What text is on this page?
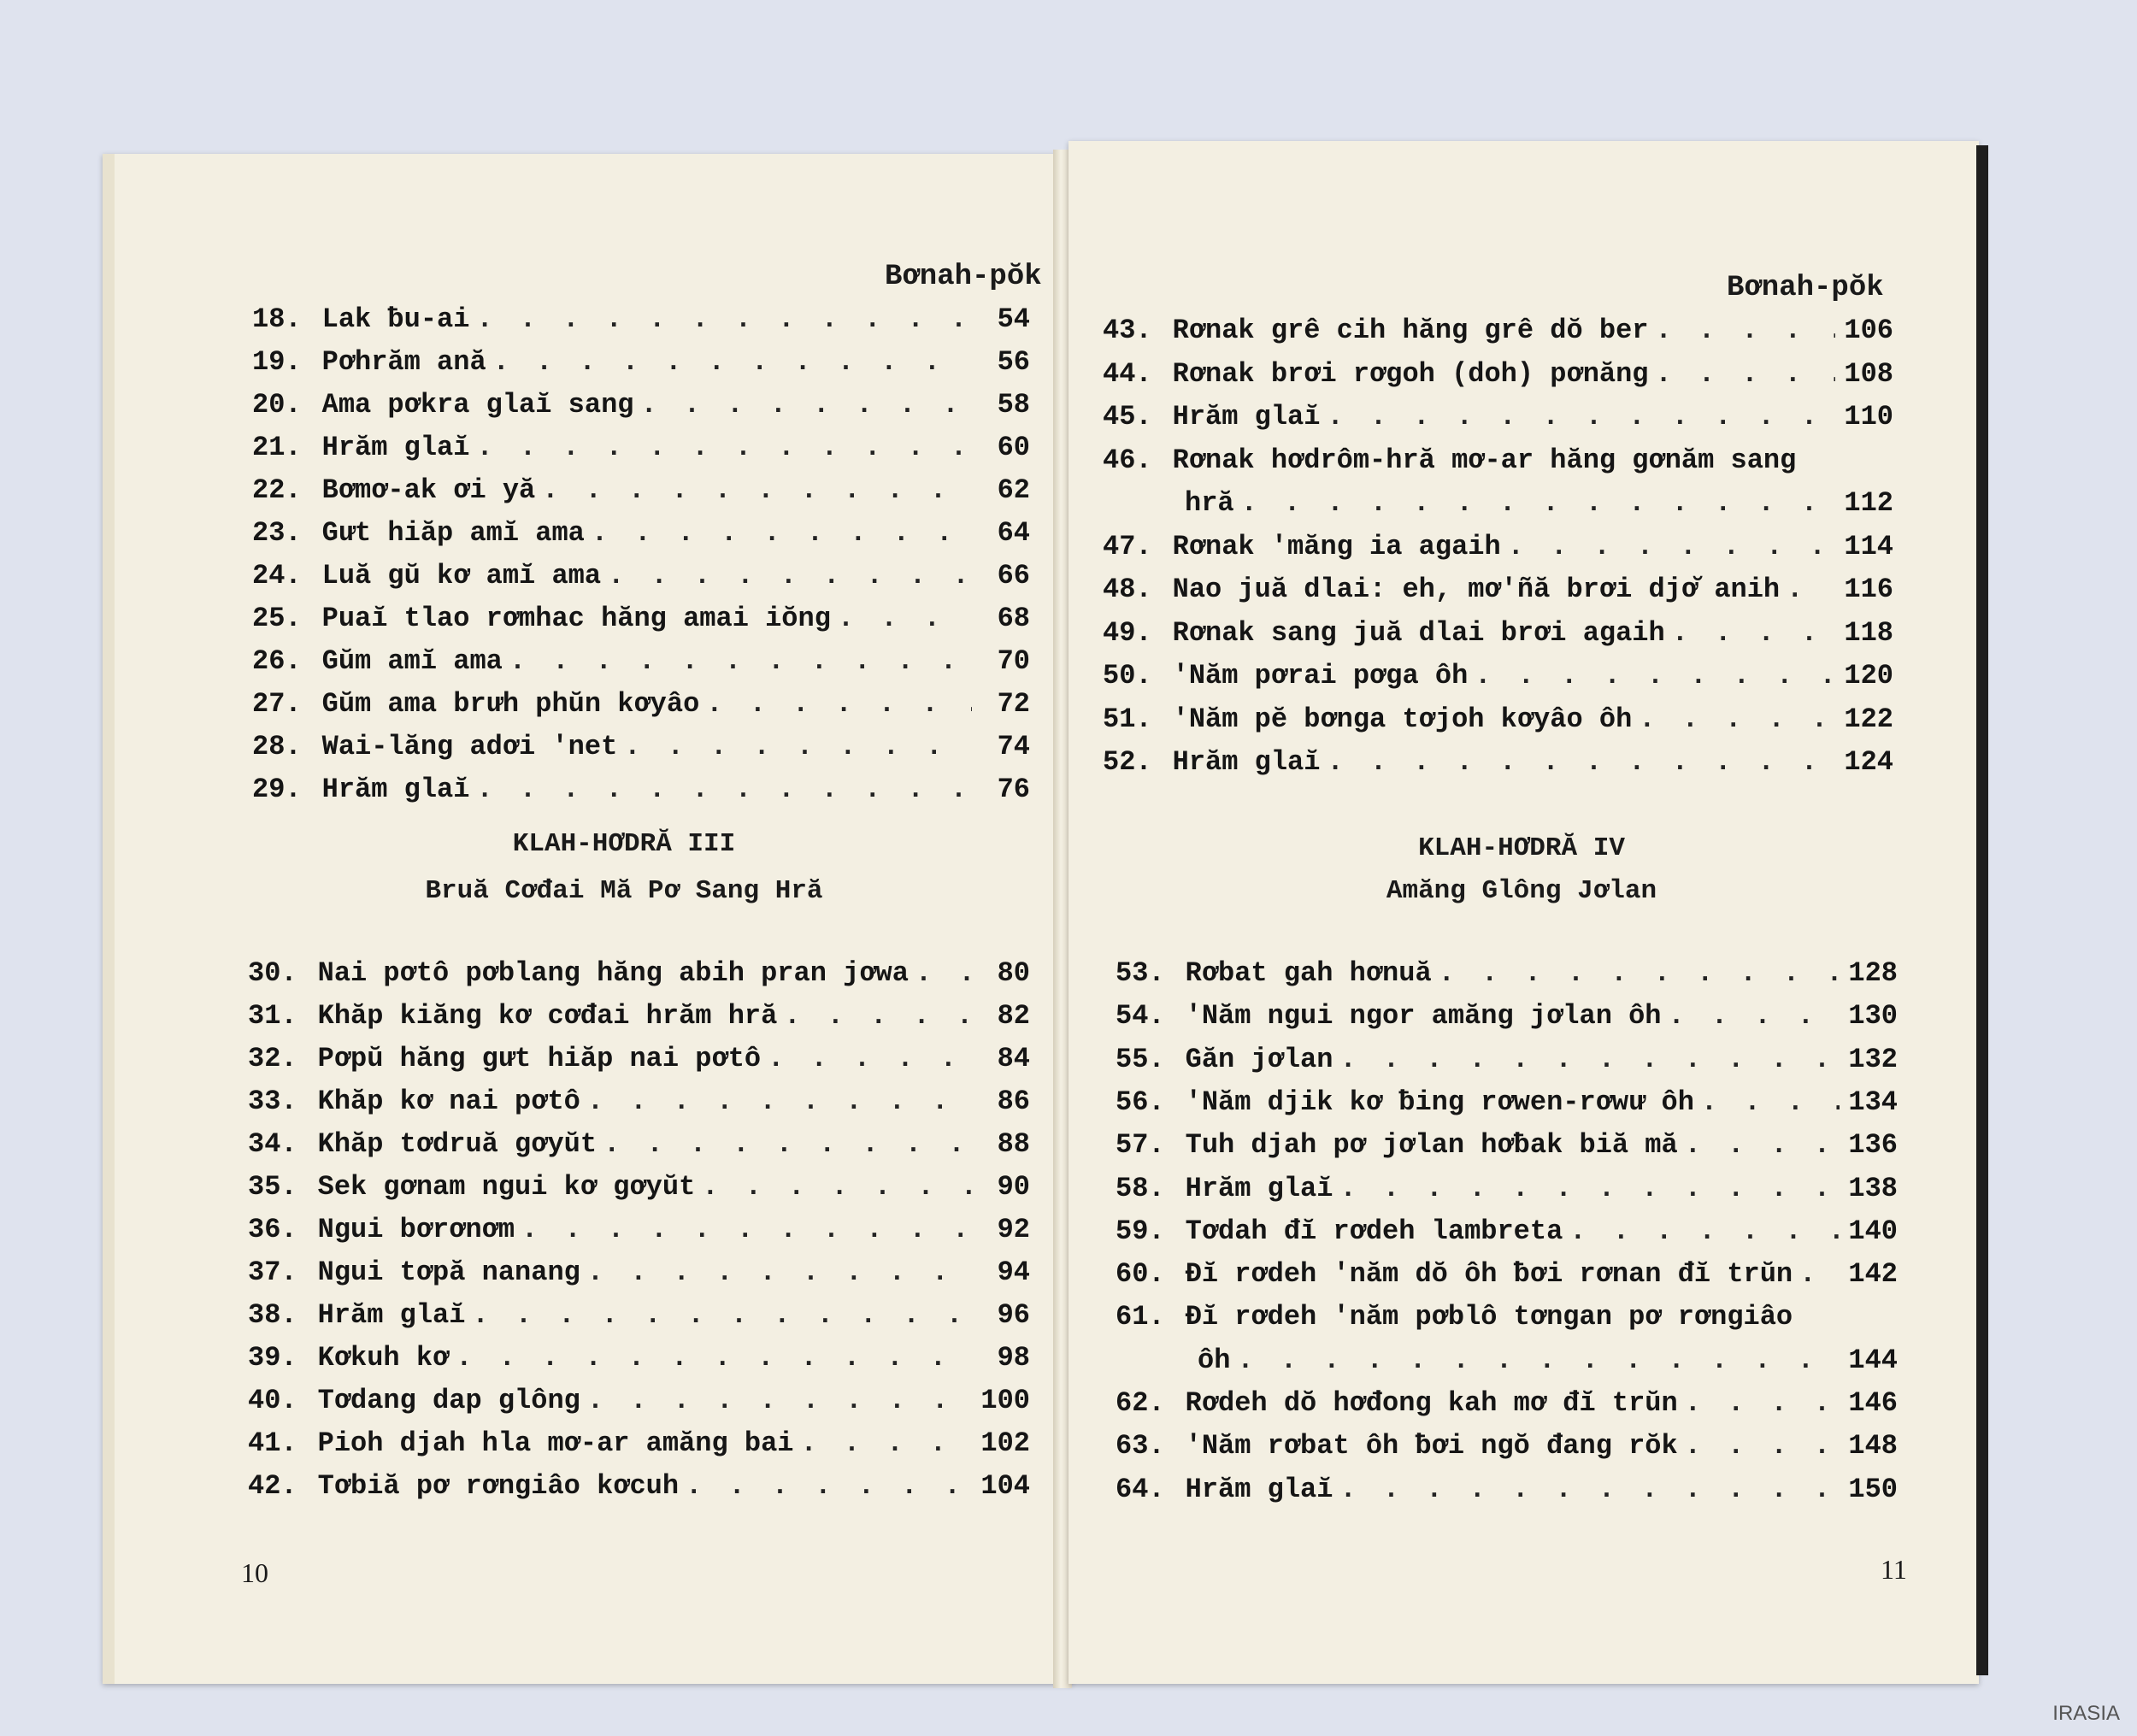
Bơnah-pŏk	Bơnah-pŏk
18. Lak ƀu-ai . . .	54
19. Pơhrăm ană . . .	56
20. Ama pơkra glaĭ sang . . .	58
21. Hrăm glaĭ . . .	60
22. Bơmơ-ak ơi yă . . .	62
23. Gưt hiăp amĭ ama . . .	64
24. Luă gŭ kơ amĭ ama . . .	66
25. Puaĭ tlao rơmhac hăng amai iŏng . . .	68
26. Gŭm amĭ ama . . .	70
27. Gŭm ama brưh phŭn kơyâo . . .	72
28. Wai-lăng adơi 'net . . .	74
29. Hrăm glaĭ . . .	76
KLAH-HƠDRĂ III
Bruă Cơđai Mă Pơ Sang Hră
30. Nai pơtô pơblang hăng abih pran jơwa . . .	80
31. Khăp kiăng kơ cơđai hrăm hră . . .	82
32. Pơpŭ hăng gưt hiăp nai pơtô . . .	84
33. Khăp kơ nai pơtô . . .	86
34. Khăp tơdruă gơyŭt . . .	88
35. Sek gơnam ngui kơ gơyŭt . . .	90
36. Ngui bơrơnơm . . .	92
37. Ngui tơpă nanang . . .	94
38. Hrăm glaĭ . . .	96
39. Kơkuh kơ . . .	98
40. Tơdang dap glông . . .	100
41. Pioh djah hla mơ-ar amăng bai . . .	102
42. Tơbiă pơ rơngiâo kơcuh . . .	104
43. Rơnak grê cih hăng grê dŏ ber . . .	106
44. Rơnak brơi rơgoh (doh) pơnăng . . .	108
45. Hrăm glaĭ . . .	110
46. Rơnak hơdrôm-hră mơ-ar hăng gơnăm sang
hră . . .	112
47. Rơnak 'măng ia agaih . . .	114
48. Nao juă dlai: eh, mơ'ñă brơi djơ̆ anih . . . 116
49. Rơnak sang juă dlai brơi agaih . . .	118
50. 'Năm pơrai pơga ôh . . .	120
51. 'Năm pĕ bơnga tơjoh kơyâo ôh . . .	122
52. Hrăm glaĭ . . .	124
KLAH-HƠDRĂ IV
Amăng Glông Jơlan
53. Rơbat gah hơnuă . . .	128
54. 'Năm ngui ngor amăng jơlan ôh . . .	130
55. Găn jơlan . . .	132
56. 'Năm djik kơ ƀing rơwen-rơwư ôh . . .	134
57. Tuh djah pơ jơlan hơƀak biă mă . . .	136
58. Hrăm glaĭ . . .	138
59. Tơdah đĭ rơdeh lambreta . . .	140
60. Đĭ rơdeh 'năm dŏ ôh ƀơi rơnan đĭ trŭn . . . 142
61. Đĭ rơdeh 'năm pơblô tơngan pơ rơngiâo
ôh . . .	144
62. Rơdeh dŏ hơđong kah mơ đĭ trŭn . . .	146
63. 'Năm rơbat ôh ƀơi ngŏ đang rŏk . . .	148
64. Hrăm glaĭ . . .	150
10	11
IRASIA
